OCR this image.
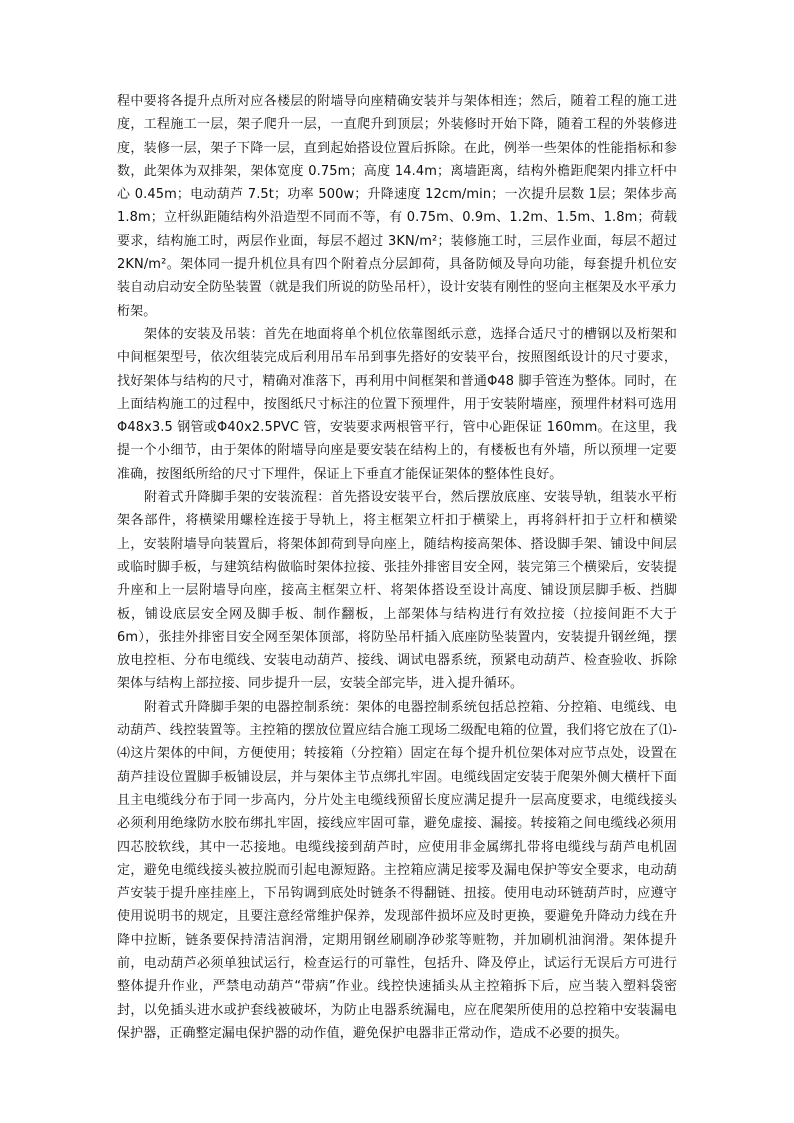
程中要将各提升点所对应各楼层的附墙导向座精确安装并与架体相连；然后，随着工程的施工进度，工程施工一层，架子爬升一层，一直爬升到顶层；外装修时开始下降，随着工程的外装修进度，装修一层，架子下降一层，直到起始搭设位置后拆除。在此，例举一些架体的性能指标和参数，此架体为双排架，架体宽度 0.75m；高度 14.4m；离墙距离，结构外檐距爬架内排立杆中心 0.45m；电动葫芦 7.5t；功率 500w；升降速度 12cm/min；一次提升层数 1层；架体步高 1.8m；立杆纵距随结构外沿造型不同而不等，有 0.75m、0.9m、1.2m、1.5m、1.8m；荷载要求，结构施工时，两层作业面，每层不超过 3KN/m²；装修施工时，三层作业面，每层不超过 2KN/m²。架体同一提升机位具有四个附着点分层卸荷，具备防倾及导向功能，每套提升机位安装自动启动安全防坠装置（就是我们所说的防坠吊杆），设计安装有刚性的竖向主框架及水平承力桁架。

架体的安装及吊装：首先在地面将单个机位依靠图纸示意，选择合适尺寸的槽钢以及桁架和中间框架型号，依次组装完成后利用吊车吊到事先搭好的安装平台，按照图纸设计的尺寸要求，找好架体与结构的尺寸，精确对准落下，再利用中间框架和普通Φ48 脚手管连为整体。同时，在上面结构施工的过程中，按图纸尺寸标注的位置下预埋件，用于安装附墙座，预埋件材料可选用Φ48x3.5 钢管或Φ40x2.5PVC 管，安装要求两根管平行，管中心距保证 160mm。在这里，我提一个小细节，由于架体的附墙导向座是要安装在结构上的，有楼板也有外墙，所以预埋一定要准确，按图纸所给的尺寸下埋件，保证上下垂直才能保证架体的整体性良好。

附着式升降脚手架的安装流程：首先搭设安装平台，然后摆放底座、安装导轨，组装水平桁架各部件，将横梁用螺栓连接于导轨上，将主框架立杆扣于横梁上，再将斜杆扣于立杆和横梁上，安装附墙导向装置后，将架体卸荷到导向座上，随结构接高架体、搭设脚手架、铺设中间层或临时脚手板，与建筑结构做临时架体拉接、张挂外排密目安全网，装完第三个横梁后，安装提升座和上一层附墙导向座，接高主框架立杆、将架体搭设至设计高度、铺设顶层脚手板、挡脚板，铺设底层安全网及脚手板、制作翻板，上部架体与结构进行有效拉接（拉接间距不大于 6m），张挂外排密目安全网至架体顶部，将防坠吊杆插入底座防坠装置内，安装提升钢丝绳，摆放电控柜、分布电缆线、安装电动葫芦、接线、调试电器系统，预紧电动葫芦、检查验收、拆除架体与结构上部拉接、同步提升一层，安装全部完毕，进入提升循环。

附着式升降脚手架的电器控制系统：架体的电器控制系统包括总控箱、分控箱、电缆线、电动葫芦、线控装置等。主控箱的摆放位置应结合施工现场二级配电箱的位置，我们将它放在了⑴-⑷这片架体的中间，方便使用；转接箱（分控箱）固定在每个提升机位架体对应节点处，设置在葫芦挂设位置脚手板铺设层，并与架体主节点绑扎牢固。电缆线固定安装于爬架外侧大横杆下面且主电缆线分布于同一步高内，分片处主电缆线预留长度应满足提升一层高度要求，电缆线接头必须利用绝缘防水胶布绑扎牢固，接线应牢固可靠，避免虚接、漏接。转接箱之间电缆线必须用四芯胶软线，其中一芯接地。电缆线接到葫芦时，应使用非金属绑扎带将电缆线与葫芦电机固定，避免电缆线接头被拉脱而引起电源短路。主控箱应满足接零及漏电保护等安全要求，电动葫芦安装于提升座挂座上，下吊钩调到底处时链条不得翻链、扭接。使用电动环链葫芦时，应遵守使用说明书的规定，且要注意经常维护保养，发现部件损坏应及时更换，要避免升降动力线在升降中拉断，链条要保持清洁润滑，定期用钢丝刷刷净砂浆等赃物，并加刷机油润滑。架体提升前，电动葫芦必须单独试运行，检查运行的可靠性，包括升、降及停止，试运行无误后方可进行整体提升作业，严禁电动葫芦“带病”作业。线控快速插头从主控箱拆下后，应当装入塑料袋密封，以免插头进水或护套线被破坏，为防止电器系统漏电，应在爬架所使用的总控箱中安装漏电保护器，正确整定漏电保护器的动作值，避免保护电器非正常动作，造成不必要的损失。
